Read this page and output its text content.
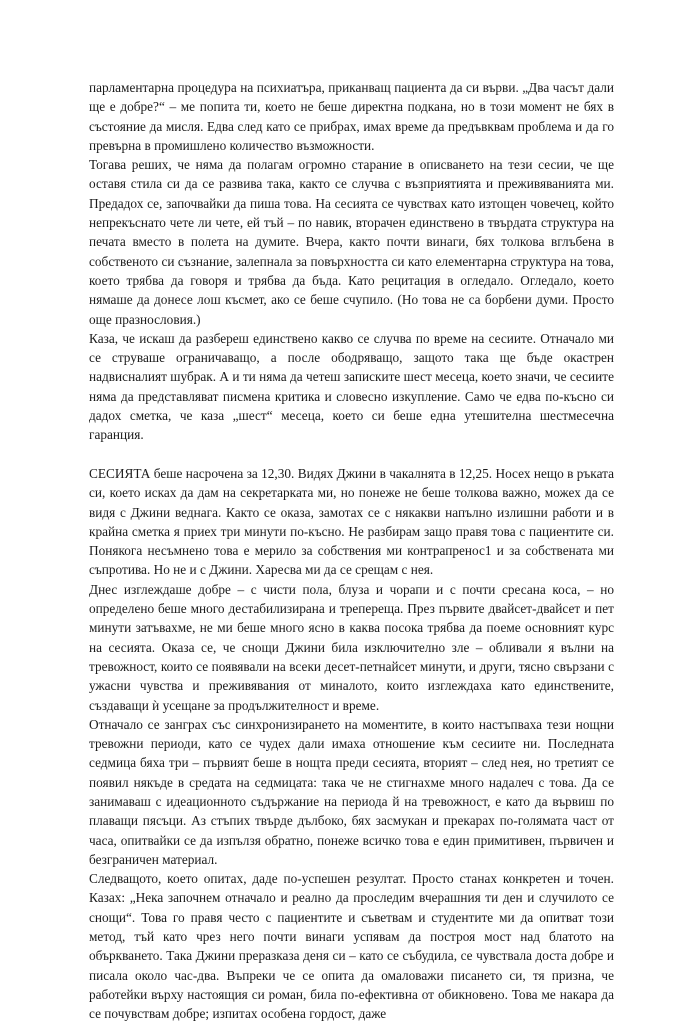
парламентарна процедура на психиатъра, приканващ пациента да си върви. „Два часът дали ще е добре?“ – ме попита ти, което не беше директна подканa, но в този момент не бях в състояние да мисля. Едва след като се прибрах, имах време да предъвквам проблема и да го превърна в промишлено количество възможности.

Тогава реших, че няма да полагам огромно старание в описването на тези сесии, че ще оставя стила си да се развива така, както се случва с възприятията и преживяванията ми. Предадох се, започвайки да пиша това. На сесията се чувствах като изтощен човечец, който непрекъснато чете ли чете, ей тъй – по навик, вторачен единствено в твърдата структура на печата вместо в полета на думите. Вчера, както почти винаги, бях толкова вглъбена в собственото си съзнание, залепнала за повърхността си като елементарна структура на това, което трябва да говоря и трябва да бъда. Като рецитация в огледало. Огледало, което нямаше да донесе лош късмет, ако се беше счупило. (Но това не са борбени думи. Просто още празнословия.)

Каза, че искаш да разбереш единствено какво се случва по време на сесиите. Отначало ми се струваше ограничаващо, а после ободряващо, защото така ще бъде окастрен надвисналият шубрак. А и ти няма да четеш записките шест месеца, което значи, че сесиите няма да представляват писмена критика и словесно изкупление. Само че едва по-късно си дадох сметка, че каза „шест“ месеца, което си беше една утешителна шестмесечна гаранция.

СЕСИЯТА беше насрочена за 12,30. Видях Джини в чакалнята в 12,25. Носех нещо в ръката си, което исках да дам на секретарката ми, но понеже не беше толкова важно, можех да се видя с Джини веднага. Както се оказа, замотах се с някакви напълно излишни работи и в крайна сметка я приех три минути по-късно. Не разбирам защо правя това с пациентите си. Понякога несъмнено това е мерило за собствения ми контрапренос1 и за собствената ми съпротива. Но не и с Джини. Харесва ми да се срещам с нея.

Днес изглеждаше добре – с чисти пола, блуза и чорапи и с почти сресана коса, – но определено беше много дестабилизирана и трепереща. През първите двайсет-двайсет и пет минути затъвахме, не ми беше много ясно в каква посока трябва да поеме основният курс на сесията. Оказа се, че снощи Джини била изключително зле – обливали я вълни на тревожност, които се появявали на всеки десет-петнайсет минути, и други, тясно свързани с ужасни чувства и преживявания от миналото, които изглеждаха като единствените, създаващи ѝ усещане за продължителност и време.

Отначало се занграх със синхронизирането на моментите, в които настъпваха тези нощни тревожни периоди, като се чудех дали имаха отношение към сесиите ни. Последната седмица бяха три – първият беше в нощта преди сесията, вторият – след нея, но третият се появил някъде в средата на седмицата: така че не стигнахме много надалеч с това. Да се занимаваш с идеационното съдържание на периода й на тревожност, е като да вървиш по плаващи пясъци. Аз стъпих твърде дълбоко, бях засмукан и прекарах по-голямата част от часа, опитвайки се да изпълзя обратно, понеже всичко това е един примитивен, първичен и безграничен материал.

Следващото, което опитах, даде по-успешен резултат. Просто станах конкретен и точен. Казах: „Нека започнем отначало и реално да проследим вчерашния ти ден и случилото се снощи“. Това го правя често с пациентите и съветвам и студентите ми да опитват този метод, тъй като чрез него почти винаги успявам да построя мост над блатото на объркването. Така Джини преразказа деня си – като се събудила, се чувствала доста добре и писала около час-два. Въпреки че се опита да омаловажи писането си, тя призна, че работейки върху настоящия си роман, била по-ефективна от обикновено. Това ме накара да се почувствам добре; изпитах особена гордост, даже
